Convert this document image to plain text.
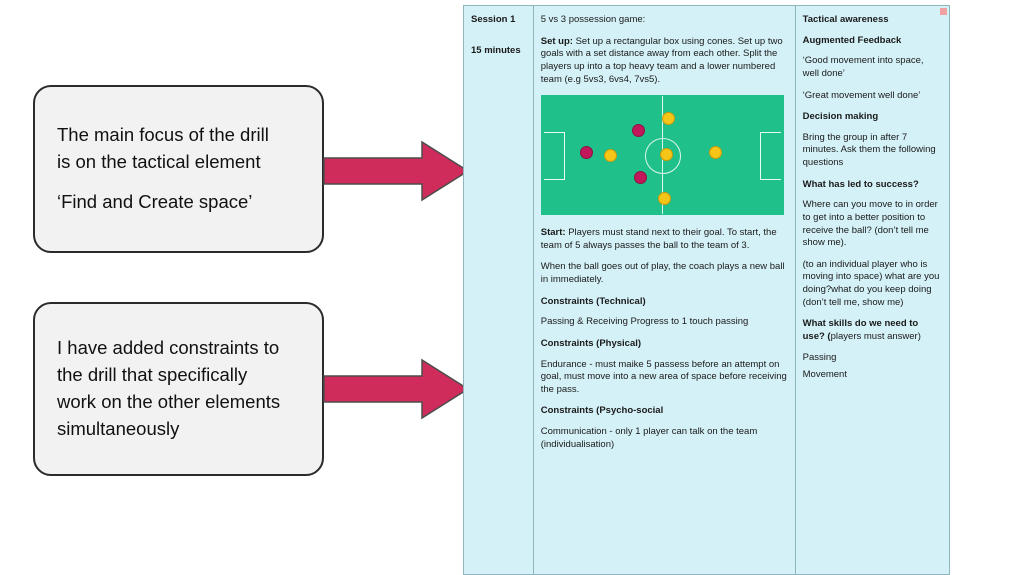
The main focus of the drill
is on the tactical element
‘Find and Create space’
I have added constraints to
the drill that specifically
work on the other elements
simultaneously
Session 1
15 minutes

5 vs 3 possession game:

Set up: Set up a rectangular box using cones. Set up two goals with a set distance away from each other. Split the players up into a top heavy team and a lower numbered team (e.g 5vs3, 6vs4, 7vs5).

Start: Players must stand next to their goal. To start, the team of 5 always passes the ball to the team of 3.

When the ball goes out of play, the coach plays a new ball in immediately.

Constraints (Technical)

Passing & Receiving Progress to 1 touch passing

Constraints (Physical)

Endurance - must maike 5 passess before an attempt on goal, must move into a new area of space before receiving the pass.

Constraints (Psycho-social

Communication - only 1 player can talk on the team (individualisation)

Tactical awareness

Augmented Feedback

‘Good movement into space, well done’

‘Great movement well done’

Decision making

Bring the group in after 7 minutes. Ask them the following questions

What has led to success?

Where can you move to in order to get into a better position to receive the ball? (don’t tell me show me).

(to an individual player who is moving into space) what are you doing?what do you keep doing (don’t tell me, show me)

What skills do we need to use? (players must answer)

Passing

Movement
